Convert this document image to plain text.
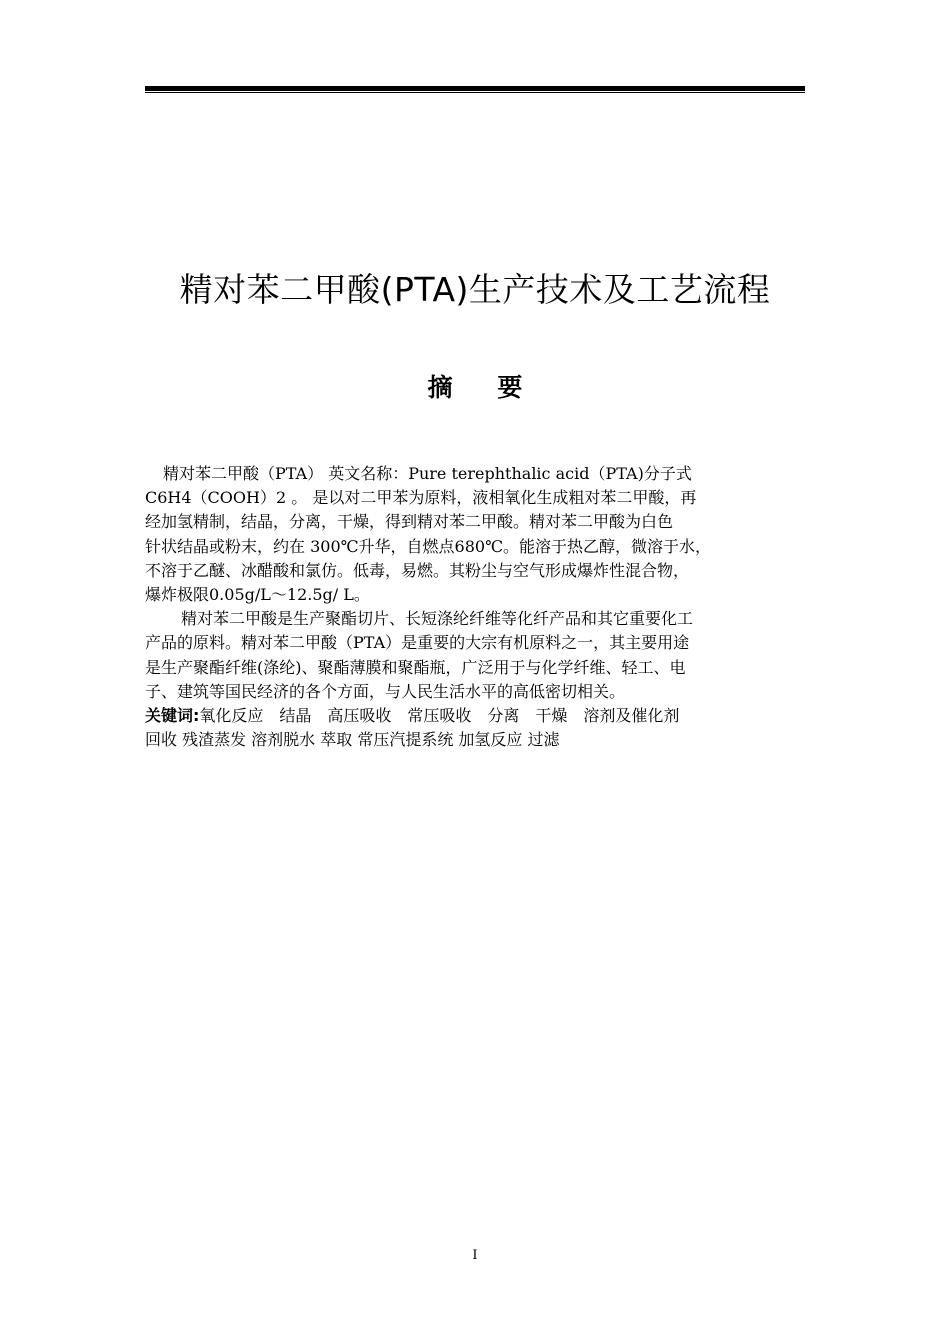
精对苯二甲酸(PTA)生产技术及工艺流程
摘 要

精对苯二甲酸（PTA） 英文名称：Pure terephthalic acid（PTA)分子式

C6H4（COOH）2 。 是以对二甲苯为原料，液相氧化生成粗对苯二甲酸，再

经加氢精制，结晶，分离，干燥，得到精对苯二甲酸。精对苯二甲酸为白色

针状结晶或粉末，约在 300℃升华，自燃点680℃。能溶于热乙醇，微溶于水，

不溶于乙醚、冰醋酸和氯仿。低毒，易燃。其粉尘与空气形成爆炸性混合物，

爆炸极限0.05g/L～12.5g/ L。

精对苯二甲酸是生产聚酯切片、长短涤纶纤维等化纤产品和其它重要化工

产品的原料。精对苯二甲酸（PTA）是重要的大宗有机原料之一，其主要用途

是生产聚酯纤维(涤纶)、聚酯薄膜和聚酯瓶，广泛用于与化学纤维、轻工、电

子、建筑等国民经济的各个方面，与人民生活水平的高低密切相关。

关键词:氧化反应　结晶　高压吸收　常压吸收　分离　干燥　溶剂及催化剂

回收 残渣蒸发 溶剂脱水 萃取 常压汽提系统 加氢反应 过滤

I
